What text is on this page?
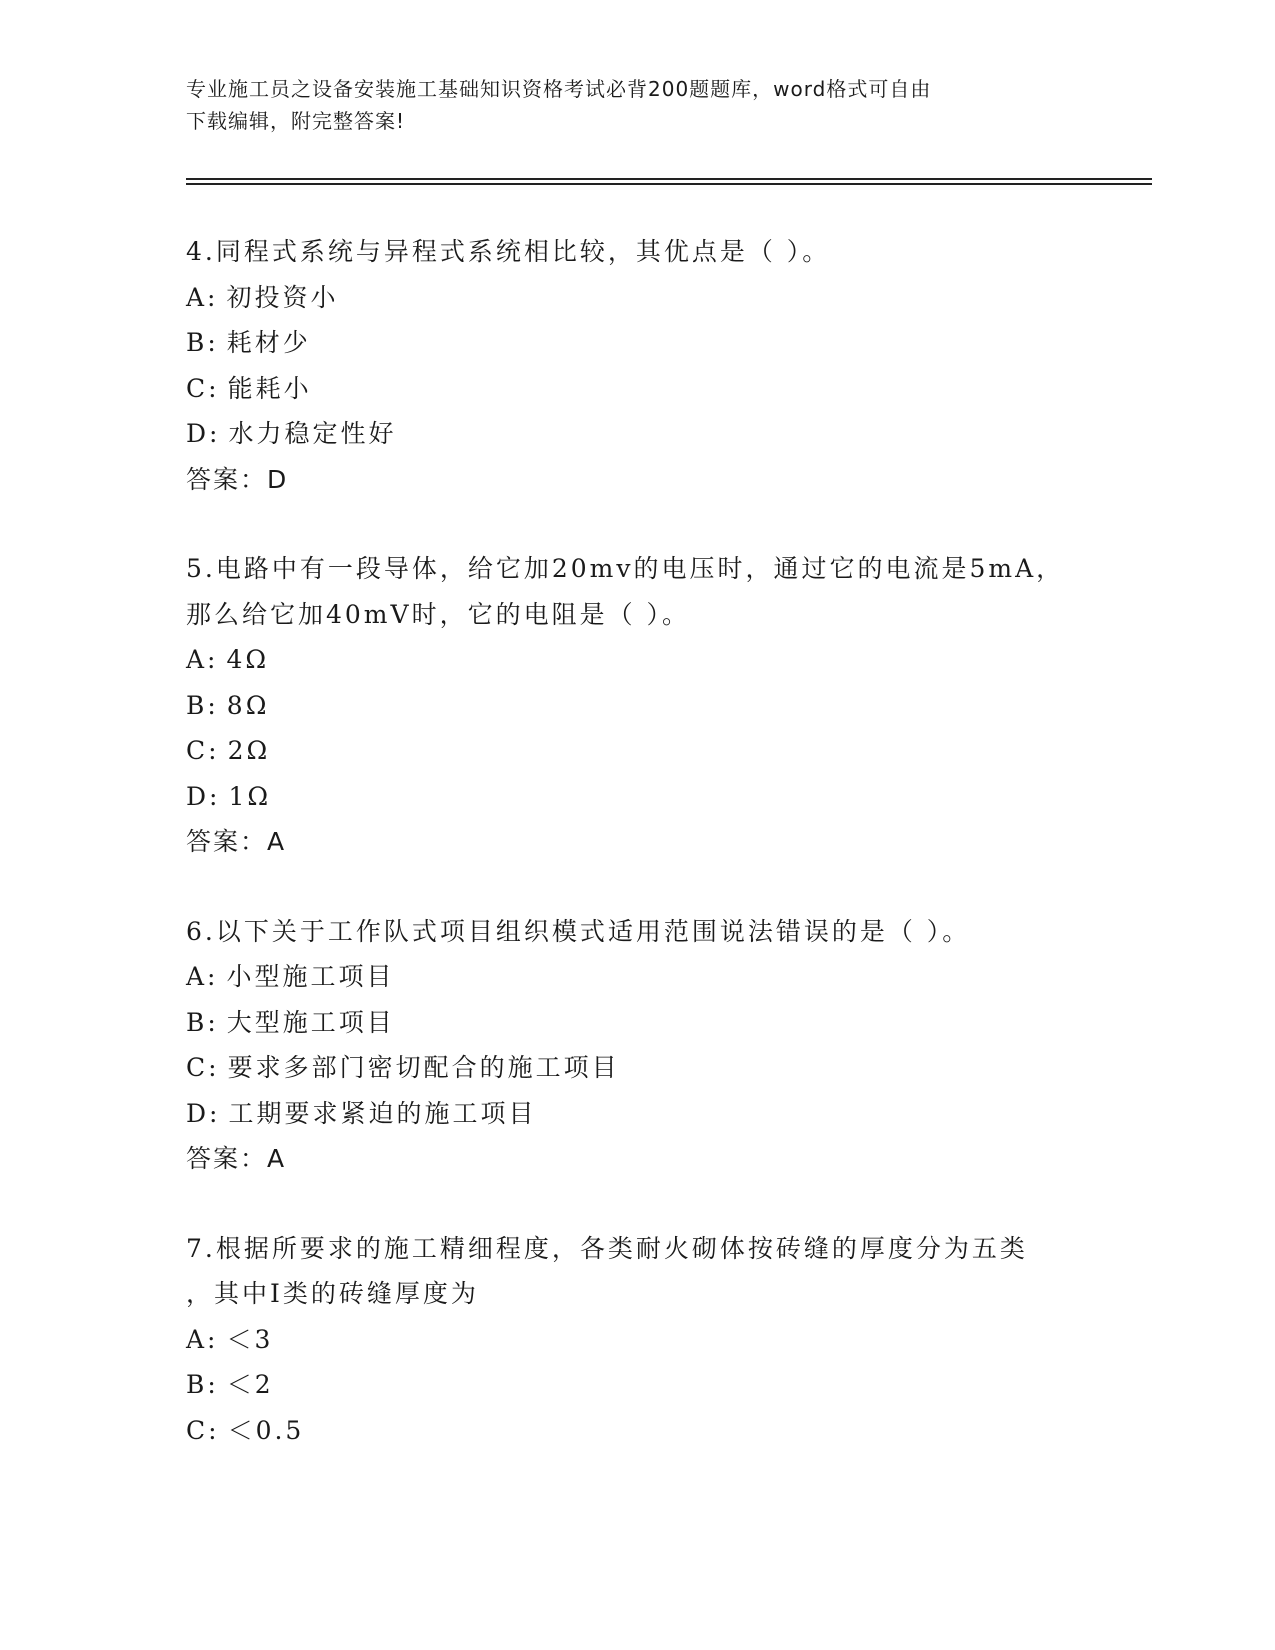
专业施工员之设备安装施工基础知识资格考试必背200题题库，word格式可自由
下载编辑，附完整答案!
4.同程式系统与异程式系统相比较，其优点是（ ）。
A: 初投资小
B: 耗材少
C: 能耗小
D: 水力稳定性好
答案：D
5.电路中有一段导体，给它加20mv的电压时，通过它的电流是5mA，
那么给它加40mV时，它的电阻是（ ）。
A: 4Ω
B: 8Ω
C: 2Ω
D: 1Ω
答案：A
6.以下关于工作队式项目组织模式适用范围说法错误的是（ ）。
A: 小型施工项目
B: 大型施工项目
C: 要求多部门密切配合的施工项目
D: 工期要求紧迫的施工项目
答案：A
7.根据所要求的施工精细程度，各类耐火砌体按砖缝的厚度分为五类
，其中Ⅰ类的砖缝厚度为
A: ＜3
B: ＜2
C: ＜0.5
